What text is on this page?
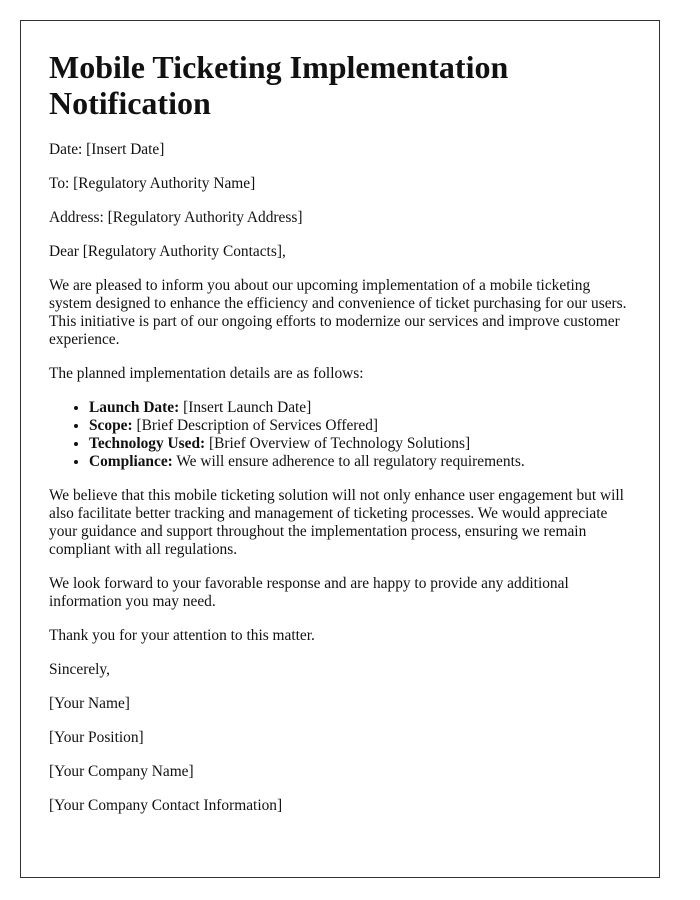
Mobile Ticketing Implementation Notification

Date: [Insert Date]

To: [Regulatory Authority Name]

Address: [Regulatory Authority Address]

Dear [Regulatory Authority Contacts],

We are pleased to inform you about our upcoming implementation of a mobile ticketing system designed to enhance the efficiency and convenience of ticket purchasing for our users. This initiative is part of our ongoing efforts to modernize our services and improve customer experience.

The planned implementation details are as follows:

• Launch Date: [Insert Launch Date]
• Scope: [Brief Description of Services Offered]
• Technology Used: [Brief Overview of Technology Solutions]
• Compliance: We will ensure adherence to all regulatory requirements.

We believe that this mobile ticketing solution will not only enhance user engagement but will also facilitate better tracking and management of ticketing processes. We would appreciate your guidance and support throughout the implementation process, ensuring we remain compliant with all regulations.

We look forward to your favorable response and are happy to provide any additional information you may need.

Thank you for your attention to this matter.

Sincerely,

[Your Name]

[Your Position]

[Your Company Name]

[Your Company Contact Information]
